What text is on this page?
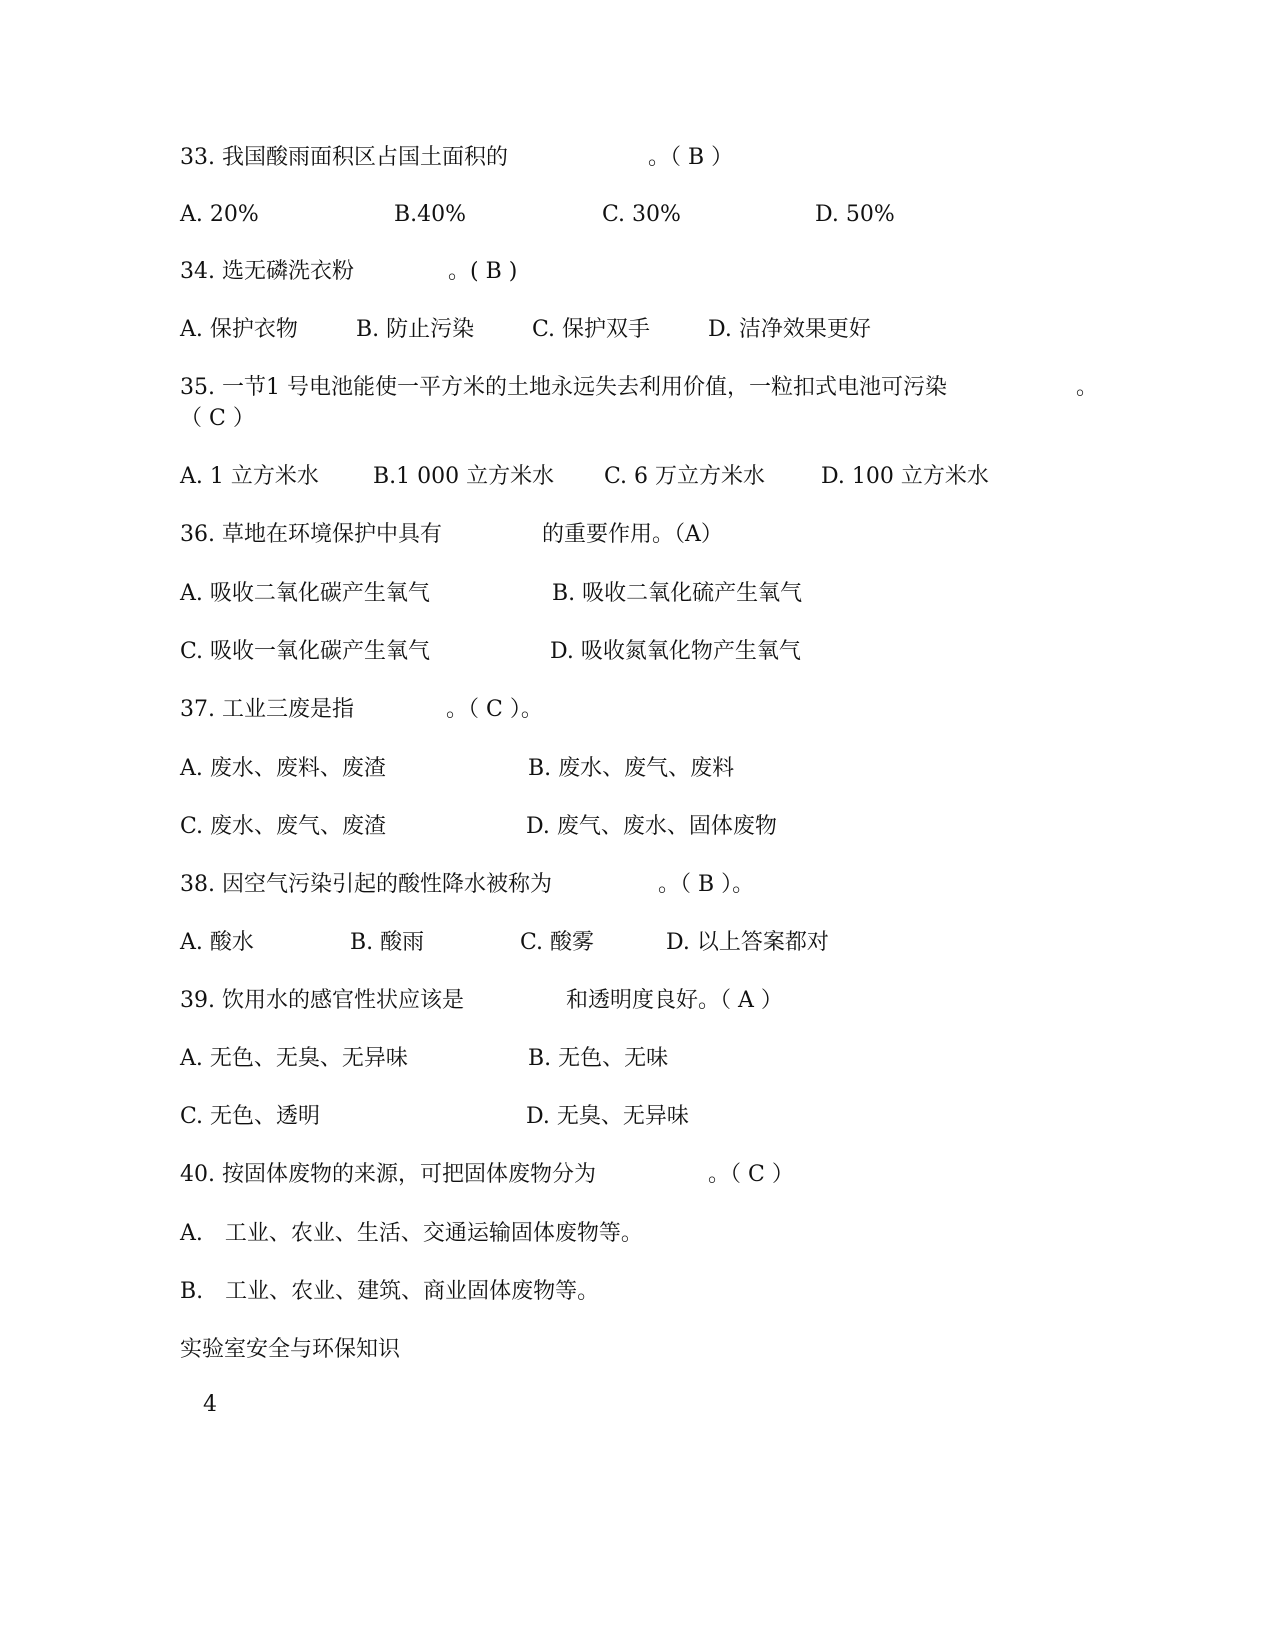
33. 我国酸雨面积区占国土面积的	。（ B ）
A. 20%	B.40%	C. 30%	D. 50%
34. 选无磷洗衣粉	。( B )
A. 保护衣物	B. 防止污染	C. 保护双手	D. 洁净效果更好
35. 一节1 号电池能使一平方米的土地永远失去利用价值，一粒扣式电池可污染	。
（ C ）
A. 1 立方米水 B.1 000 立方米水 C. 6 万立方米水	D. 100 立方米水
36. 草地在环境保护中具有	的重要作用。（A）
A. 吸收二氧化碳产生氧气	B. 吸收二氧化硫产生氧气
C. 吸收一氧化碳产生氧气	D. 吸收氮氧化物产生氧气
37. 工业三废是指	。（ C ）。
A. 废水、废料、废渣	B. 废水、废气、废料
C. 废水、废气、废渣	D. 废气、废水、固体废物
38. 因空气污染引起的酸性降水被称为	。（ B ）。
A. 酸水	B. 酸雨	C. 酸雾	D. 以上答案都对
39. 饮用水的感官性状应该是	和透明度良好。（ A ）
A. 无色、无臭、无异味	B. 无色、无味
C. 无色、透明	D. 无臭、无异味
40. 按固体废物的来源，可把固体废物分为	。（ C ）
A.　工业、农业、生活、交通运输固体废物等。
B.　工业、农业、建筑、商业固体废物等。
实验室安全与环保知识
4
